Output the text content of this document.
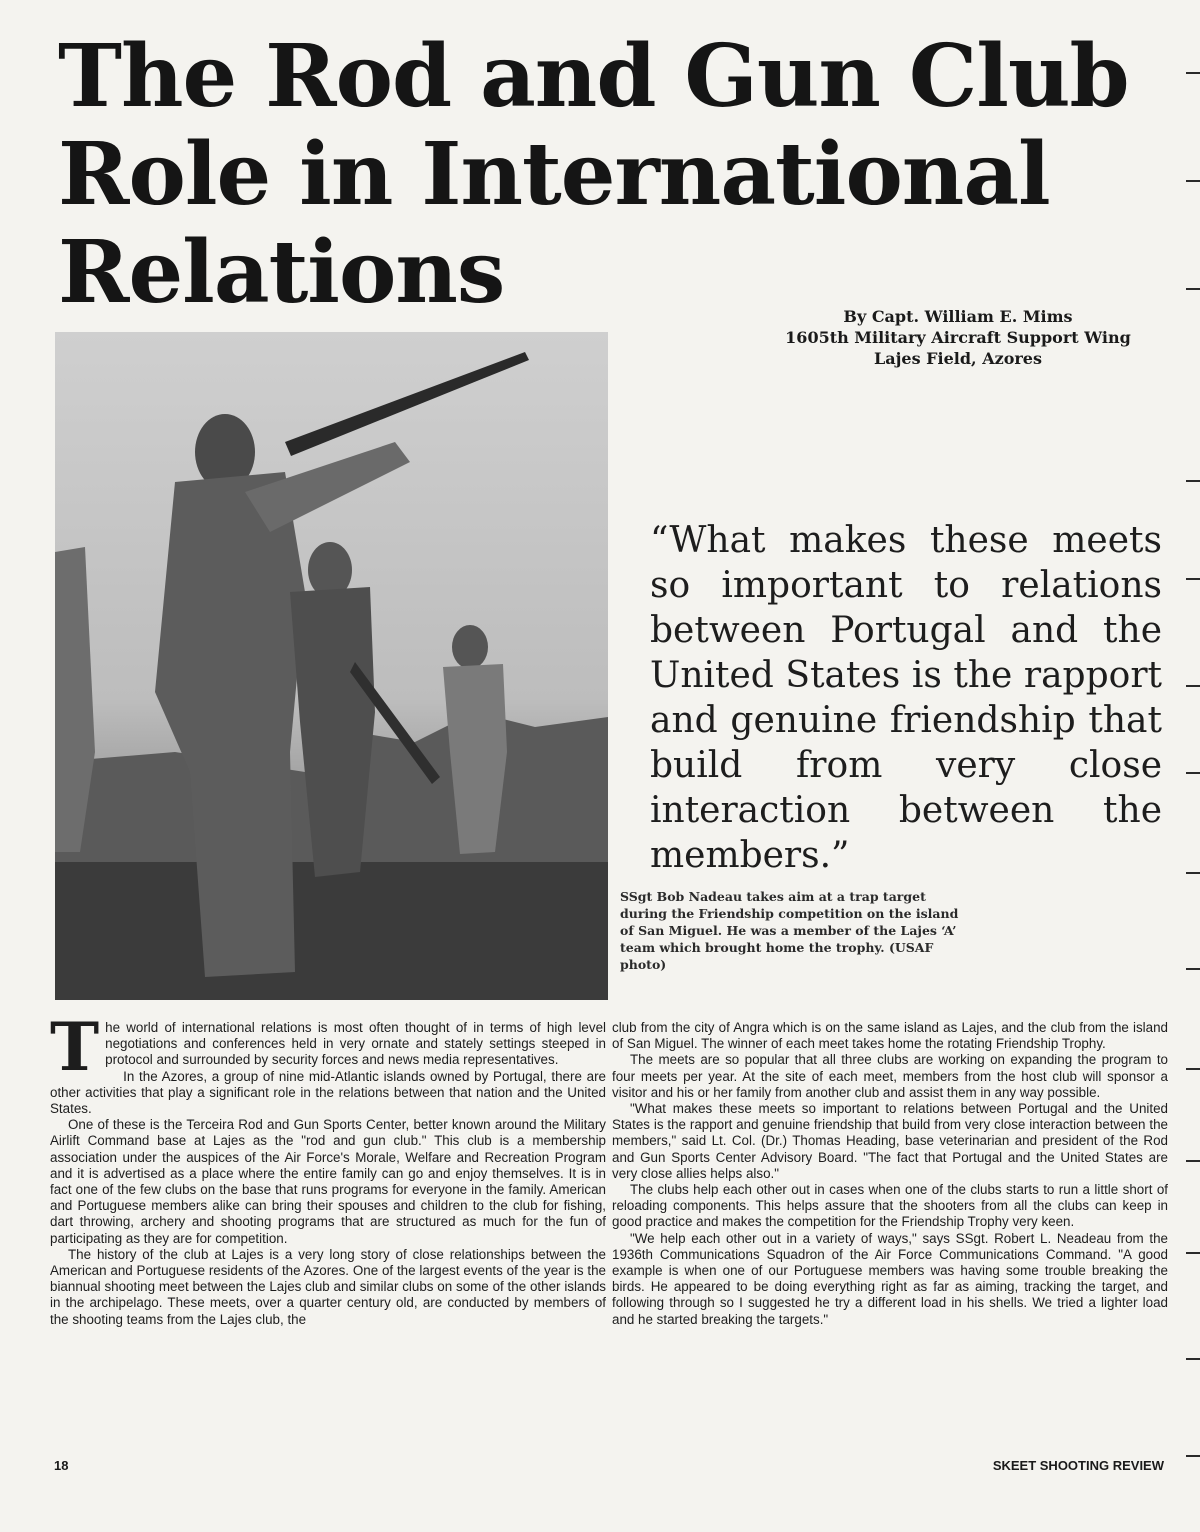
The Rod and Gun Club
Role in International
Relations	By Capt. William E. Mims
1605th Military Aircraft Support Wing
Lajes Field, Azores

“What makes these meets so important to relations between Portugal and the United States is the rapport and genuine friendship that build from very close interaction between the members.”

SSgt Bob Nadeau takes aim at a trap target during the Friendship competition on the island of San Miguel. He was a member of the Lajes ‘A’ team which brought home the trophy. (USAF photo)

The world of international relations is most often thought of in terms of high level negotiations and conferences held in very ornate and stately settings steeped in protocol and surrounded by security forces and news media representatives.

In the Azores, a group of nine mid-Atlantic islands owned by Portugal, there are other activities that play a significant role in the relations between that nation and the United States.

One of these is the Terceira Rod and Gun Sports Center, better known around the Military Airlift Command base at Lajes as the "rod and gun club." This club is a membership association under the auspices of the Air Force's Morale, Welfare and Recreation Program and it is advertised as a place where the entire family can go and enjoy themselves. It is in fact one of the few clubs on the base that runs programs for everyone in the family. American and Portuguese members alike can bring their spouses and children to the club for fishing, dart throwing, archery and shooting programs that are structured as much for the fun of participating as they are for competition.

The history of the club at Lajes is a very long story of close relationships between the American and Portuguese residents of the Azores. One of the largest events of the year is the biannual shooting meet between the Lajes club and similar clubs on some of the other islands in the archipelago. These meets, over a quarter century old, are conducted by members of the shooting teams from the Lajes club, the

club from the city of Angra which is on the same island as Lajes, and the club from the island of San Miguel. The winner of each meet takes home the rotating Friendship Trophy.

The meets are so popular that all three clubs are working on expanding the program to four meets per year. At the site of each meet, members from the host club will sponsor a visitor and his or her family from another club and assist them in any way possible.

"What makes these meets so important to relations between Portugal and the United States is the rapport and genuine friendship that build from very close interaction between the members," said Lt. Col. (Dr.) Thomas Heading, base veterinarian and president of the Rod and Gun Sports Center Advisory Board. "The fact that Portugal and the United States are very close allies helps also."

The clubs help each other out in cases when one of the clubs starts to run a little short of reloading components. This helps assure that the shooters from all the clubs can keep in good practice and makes the competition for the Friendship Trophy very keen.

"We help each other out in a variety of ways," says SSgt. Robert L. Neadeau from the 1936th Communications Squadron of the Air Force Communications Command. "A good example is when one of our Portuguese members was having some trouble breaking the birds. He appeared to be doing everything right as far as aiming, tracking the target, and following through so I suggested he try a different load in his shells. We tried a lighter load and he started breaking the targets."

18	SKEET SHOOTING REVIEW
